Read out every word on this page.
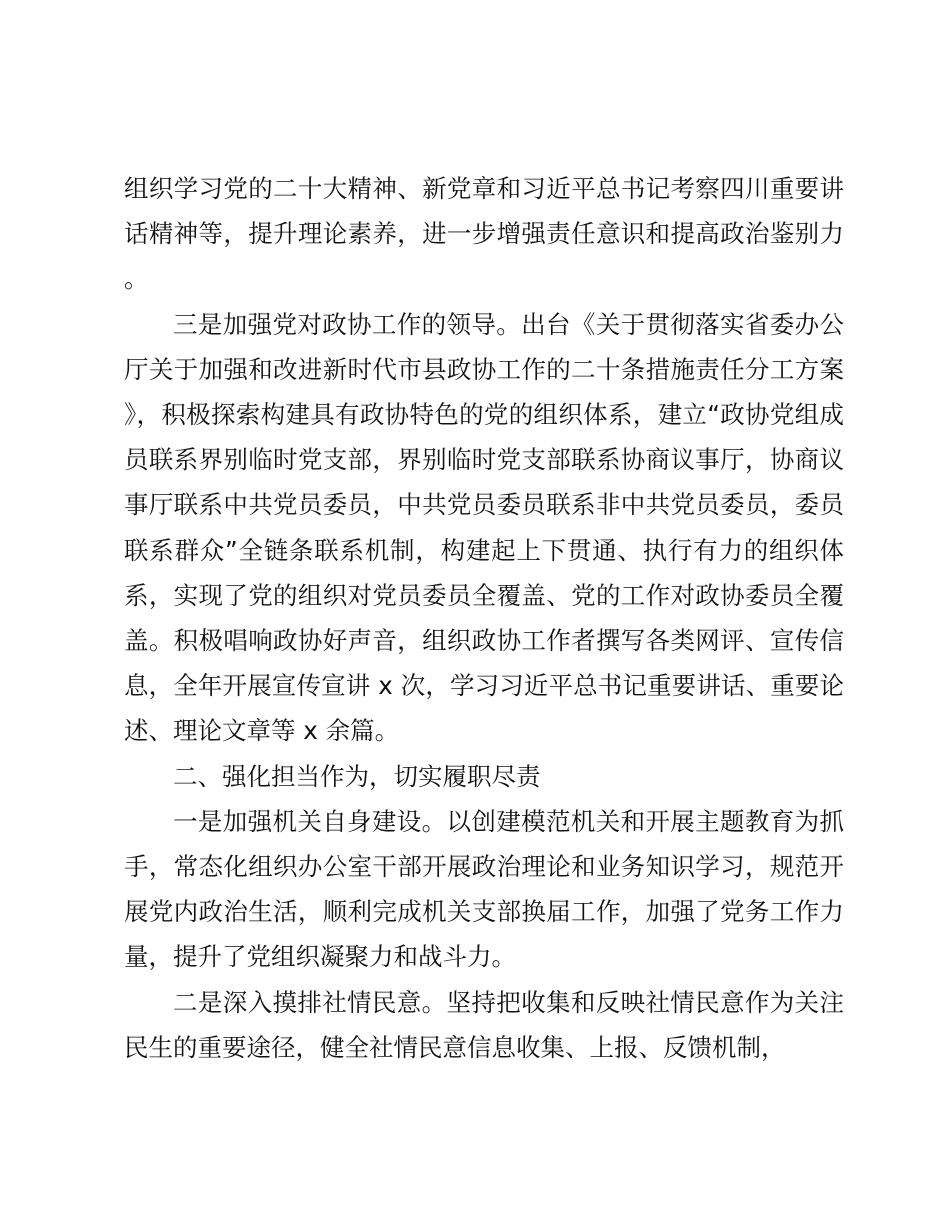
组织学习党的二十大精神、新党章和习近平总书记考察四川重要讲话精神等，提升理论素养，进一步增强责任意识和提高政治鉴别力。

三是加强党对政协工作的领导。出台《关于贯彻落实省委办公厅关于加强和改进新时代市县政协工作的二十条措施责任分工方案》，积极探索构建具有政协特色的党的组织体系，建立“政协党组成员联系界别临时党支部，界别临时党支部联系协商议事厅，协商议事厅联系中共党员委员，中共党员委员联系非中共党员委员，委员联系群众”全链条联系机制，构建起上下贯通、执行有力的组织体系，实现了党的组织对党员委员全覆盖、党的工作对政协委员全覆盖。积极唱响政协好声音，组织政协工作者撰写各类网评、宣传信息，全年开展宣传宣讲 x 次，学习习近平总书记重要讲话、重要论述、理论文章等 x 余篇。

二、强化担当作为，切实履职尽责

一是加强机关自身建设。以创建模范机关和开展主题教育为抓手，常态化组织办公室干部开展政治理论和业务知识学习，规范开展党内政治生活，顺利完成机关支部换届工作，加强了党务工作力量，提升了党组织凝聚力和战斗力。

二是深入摸排社情民意。坚持把收集和反映社情民意作为关注民生的重要途径，健全社情民意信息收集、上报、反馈机制，
